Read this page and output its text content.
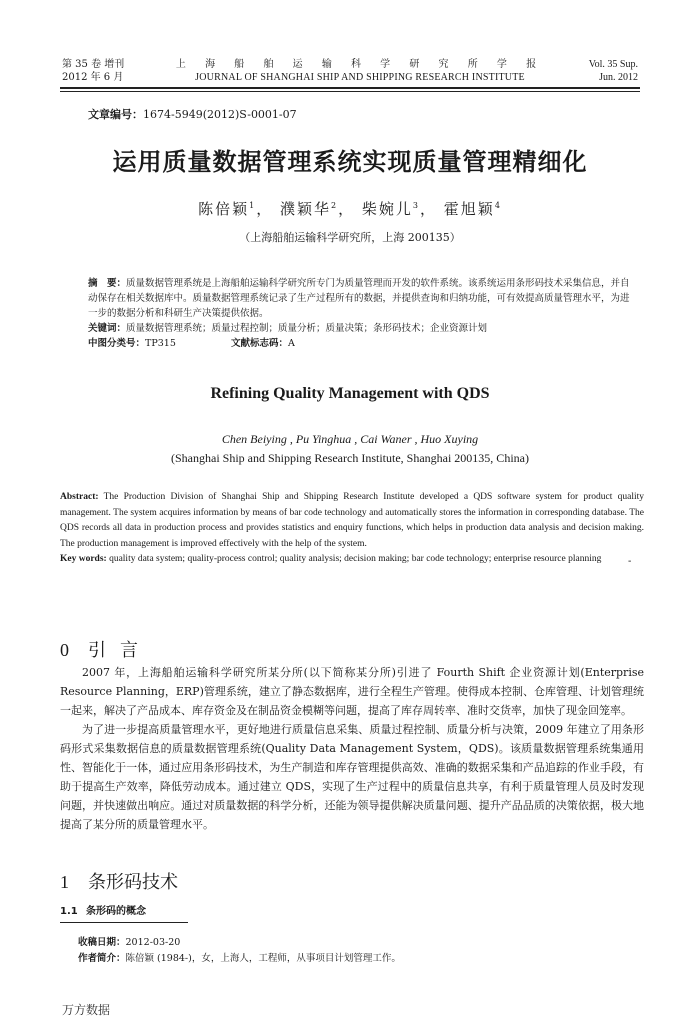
第 35 卷 增刊
2012 年 6 月
上 海 船 舶 运 输 科 学 研 究 所 学 报
JOURNAL OF SHANGHAI SHIP AND SHIPPING RESEARCH INSTITUTE
Vol. 35 Sup.
Jun. 2012
文章编号：1674-5949(2012)S-0001-07
运用质量数据管理系统实现质量管理精细化
陈倍颖$^1$， 濮颖华$^2$， 柴婉儿$^3$， 霍旭颖$^4$
（上海船舶运输科学研究所，上海 200135）
摘　要：质量数据管理系统是上海船舶运输科学研究所专门为质量管理而开发的软件系统。该系统运用条形码技术采集信息，并自动保存在相关数据库中。质量数据管理系统记录了生产过程所有的数据，并提供查询和归纳功能，可有效提高质量管理水平，为进一步的数据分析和科研生产决策提供依据。
关键词：质量数据管理系统；质量过程控制；质量分析；质量决策；条形码技术；企业资源计划
中图分类号：TP315	文献标志码：A
Refining Quality Management with QDS
Chen Beiying , Pu Yinghua , Cai Waner , Huo Xuying
(Shanghai Ship and Shipping Research Institute, Shanghai 200135, China)
Abstract: The Production Division of Shanghai Ship and Shipping Research Institute developed a QDS software system for product quality management. The system acquires information by means of bar code technology and automatically stores the information in corresponding database. The QDS records all data in production process and provides statistics and enquiry functions, which helps in production data analysis and decision making. The production management is improved effectively with the help of the system.
Key words: quality data system; quality-process control; quality analysis; decision making; bar code technology; enterprise resource planning	-
0 引言

2007 年，上海船舶运输科学研究所某分所(以下简称某分所)引进了 Fourth Shift 企业资源计划(Enterprise Resource Planning，ERP)管理系统，建立了静态数据库，进行全程生产管理。使得成本控制、仓库管理、计划管理统一起来，解决了产品成本、库存资金及在制品资金模糊等问题，提高了库存周转率、准时交货率，加快了现金回笼率。

为了进一步提高质量管理水平，更好地进行质量信息采集、质量过程控制、质量分析与决策，2009 年建立了用条形码形式采集数据信息的质量数据管理系统(Quality Data Management System，QDS)。该质量数据管理系统集通用性、智能化于一体，通过应用条形码技术，为生产制造和库存管理提供高效、准确的数据采集和产品追踪的作业手段，有助于提高生产效率，降低劳动成本。通过建立 QDS，实现了生产过程中的质量信息共享，有利于质量管理人员及时发现问题，并快速做出响应。通过对质量数据的科学分析，还能为领导提供解决质量问题、提升产品品质的决策依据，极大地提高了某分所的质量管理水平。

1 条形码技术
1.1 条形码的概念
收稿日期：2012-03-20
作者简介：陈倍颖 (1984-)，女，上海人，工程师，从事项目计划管理工作。
万方数据
